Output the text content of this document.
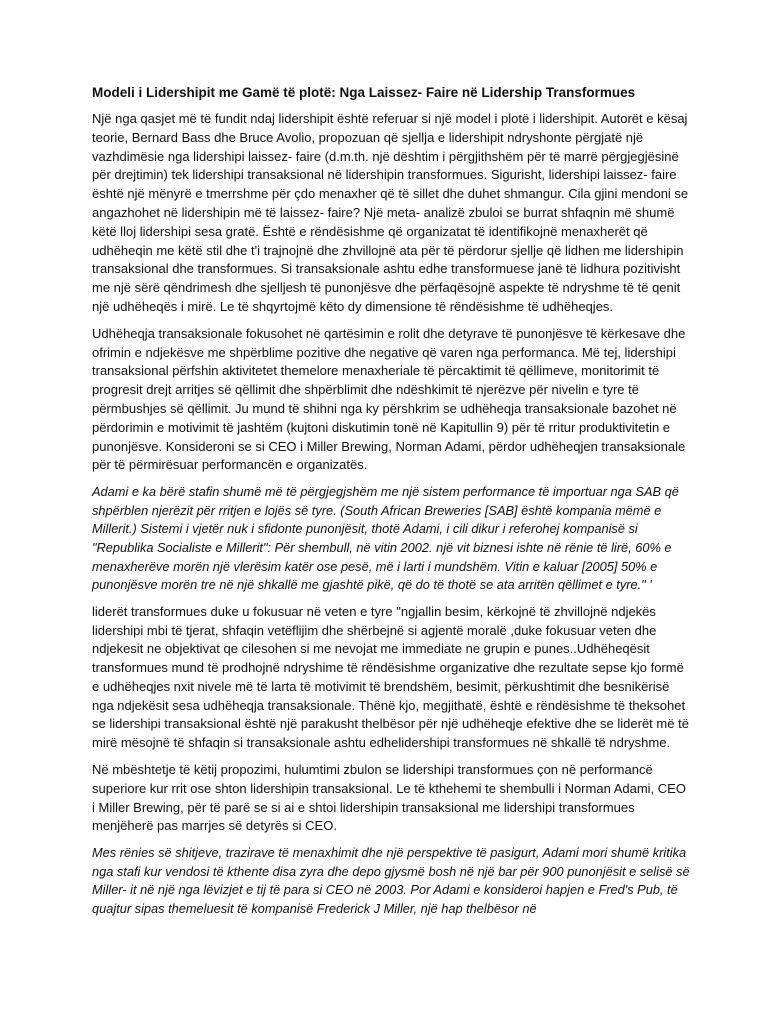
Modeli i Lidershipit me Gamë të plotë: Nga Laissez- Faire në Lidership Transformues

Një nga qasjet më të fundit ndaj lidershipit është referuar si një model i plotë i lidershipit. Autorët e kësaj teorie, Bernard Bass dhe Bruce Avolio, propozuan që sjellja e lidershipit ndryshonte përgjatë një vazhdimësie nga lidershipi laissez- faire (d.m.th. një dështim i përgjithshëm për të marrë përgjegjësinë për drejtimin) tek lidershipi transaksional në lidershipin transformues. Sigurisht, lidershipi laissez- faire është një mënyrë e tmerrshme për çdo menaxher që të sillet dhe duhet shmangur. Cila gjini mendoni se angazhohet në lidershipin më të laissez- faire? Një meta- analizë zbuloi se burrat shfaqnin më shumë këtë lloj lidershipi sesa gratë. Është e rëndësishme që organizatat të identifikojnë menaxherët që udhëheqin me këtë stil dhe t'i trajnojnë dhe zhvillojnë ata për të përdorur sjellje që lidhen me lidershipin transaksional dhe transformues. Si transaksionale ashtu edhe transformuese janë të lidhura pozitivisht me një sërë qëndrimesh dhe sjelljesh të punonjësve dhe përfaqësojnë aspekte të ndryshme të të qenit një udhëheqës i mirë. Le të shqyrtojmë këto dy dimensione të rëndësishme të udhëheqjes.

Udhëheqja transaksionale fokusohet në qartësimin e rolit dhe detyrave të punonjësve të kërkesave dhe ofrimin e ndjekësve me shpërblime pozitive dhe negative që varen nga performanca. Më tej, lidershipi transaksional përfshin aktivitetet themelore menaxheriale të përcaktimit të qëllimeve, monitorimit të progresit drejt arritjes së qëllimit dhe shpërblimit dhe ndëshkimit të njerëzve për nivelin e tyre të përmbushjes së qëllimit. Ju mund të shihni nga ky përshkrim se udhëheqja transaksionale bazohet në përdorimin e motivimit të jashtëm (kujtoni diskutimin tonë në Kapitullin 9) për të rritur produktivitetin e punonjësve. Konsideroni se si CEO i Miller Brewing, Norman Adami, përdor udhëheqjen transaksionale për të përmirësuar performancën e organizatës.

Adami e ka bërë stafin shumë më të përgjegjshëm me një sistem performance të importuar nga SAB që shpërblen njerëzit për rritjen e lojës së tyre. (South African Breweries [SAB] është kompania mëmë e Millerit.) Sistemi i vjetër nuk i sfidonte punonjësit, thotë Adami, i cili dikur i referohej kompanisë si "Republika Socialiste e Millerit": Për shembull, në vitin 2002. një vit biznesi ishte në rënie të lirë, 60% e menaxherëve morën një vlerësim katër ose pesë, më i larti i mundshëm. Vitin e kaluar [2005] 50% e punonjësve morën tre në një shkallë me gjashtë pikë, që do të thotë se ata arritën qëllimet e tyre." '

liderët transformues duke u fokusuar në veten e tyre "ngjallin besim, kërkojnë të zhvillojnë ndjekës lidershipi mbi të tjerat, shfaqin vetëflijim dhe shërbejnë si agjentë moralë ,duke fokusuar veten dhe ndjekesit ne objektivat qe cilesohen si me nevojat me immediate ne grupin e punes..Udhëheqësit transformues mund të prodhojnë ndryshime të rëndësishme organizative dhe rezultate sepse kjo formë e udhëheqjes nxit nivele më të larta të motivimit të brendshëm, besimit, përkushtimit dhe besnikërisë nga ndjekësit sesa udhëheqja transaksionale. Thënë kjo, megjithatë, është e rëndësishme të theksohet se lidershipi transaksional është një parakusht thelbësor për një udhëheqje efektive dhe se liderët më të mirë mësojnë të shfaqin si transaksionale ashtu edhelidershipi transformues në shkallë të ndryshme.

Në mbështetje të këtij propozimi, hulumtimi zbulon se lidershipi transformues çon në performancë superiore kur rrit ose shton lidershipin transaksional. Le të kthehemi te shembulli i Norman Adami, CEO i Miller Brewing, për të parë se si ai e shtoi lidershipin transaksional me lidershipi transformues menjëherë pas marrjes së detyrës si CEO.

Mes rënies së shitjeve, trazirave të menaxhimit dhe një perspektive të pasigurt, Adami mori shumë kritika nga stafi kur vendosi të kthente disa zyra dhe depo gjysmë bosh në një bar për 900 punonjësit e selisë së Miller- it në një nga lëvizjet e tij të para si CEO në 2003. Por Adami e konsideroi hapjen e Fred's Pub, të quajtur sipas themeluesit të kompanisë Frederick J Miller, një hap thelbësor në
